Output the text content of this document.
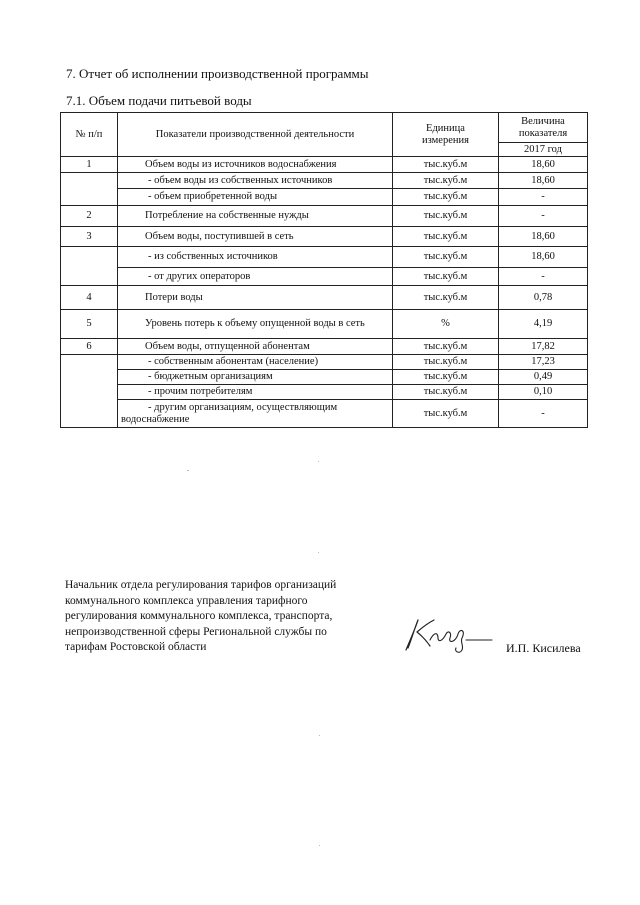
7. Отчет об исполнении производственной программы
7.1. Объем подачи питьевой воды
№ п/п	Показатели производственной деятельности	Единица измерения	Величина показателя
			2017 год
1	Объем воды из источников водоснабжения	тыс.куб.м	18,60
	- объем воды из собственных источников	тыс.куб.м	18,60
	- объем приобретенной воды	тыс.куб.м	-
2	Потребление на собственные нужды	тыс.куб.м	-
3	Объем воды, поступившей в сеть	тыс.куб.м	18,60
	- из собственных источников	тыс.куб.м	18,60
	- от других операторов	тыс.куб.м	-
4	Потери воды	тыс.куб.м	0,78
5	Уровень потерь к объему опущенной воды в сеть	%	4,19
6	Объем воды, отпущенной абонентам	тыс.куб.м	17,82
	- собственным абонентам (население)	тыс.куб.м	17,23
	- бюджетным организациям	тыс.куб.м	0,49
	- прочим потребителям	тыс.куб.м	0,10
	- другим организациям, осуществляющим водоснабжение	тыс.куб.м	-
Начальник отдела регулирования тарифов организаций
коммунального комплекса управления тарифного
регулирования коммунального комплекса, транспорта,
непроизводственной сферы Региональной службы по
тарифам Ростовской области	И.П. Кисилева
